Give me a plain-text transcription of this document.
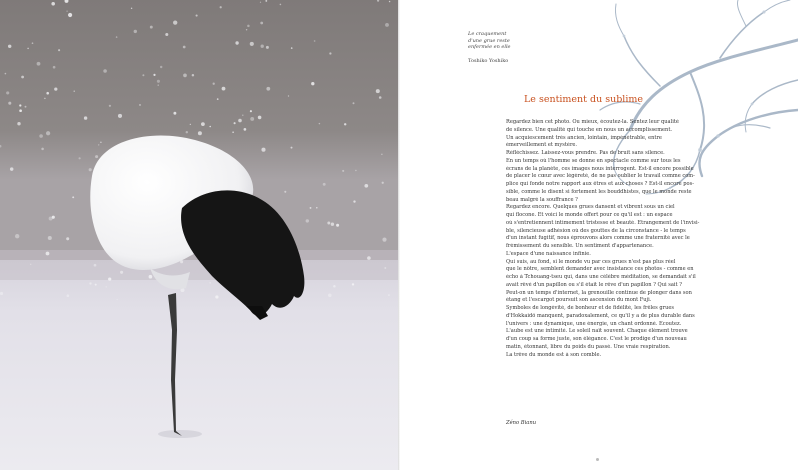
Le craquement
d'une grue reste
enfermée en elle
Toshiko Yoshiko
Le sentiment du sublime
Regardez bien cet photo. Ou mieux, écoutez-la. Sentez leur qualité
de silence. Une qualité qui touche en nous un accomplissement.
Un acquiescement très ancien, lointain, impénétrable, entre
émerveillement et mystère.
Réfléchissez. Laissez-vous prendre. Pas de bruit sans silence.
En un temps où l'homme se donne en spectacle comme sur tous les
écrans de la planète, ces images nous interrogent. Est-il encore possible
de placer le cœur avec légèreté, de ne pas oublier le travail comme com-
plice qui fonde notre rapport aux êtres et aux choses ? Est-il encore pos-
sible, comme le disent si fortement les bouddhistes, que le monde reste
beau malgré la souffrance ?
Regardez encore. Quelques grues dansent et vibrent sous un ciel
qui flocone. Et voici le monde offert pour ce qu'il est : un espace
où s'entretiennent intimement tristesse et beauté. Étrangement de l'invisi-
ble, silencieuse adhésion où des gouttes de la circonstance - le temps
d'un instant fugitif, nous éprouvons alors comme une fraternité avec le
frémissement du sensible. Un sentiment d'appartenance.
L'espace d'une naissance infinie.
Qui suis, au fond, si le monde vu par ces grues n'est pas plus réel
que le nôtre, semblent demander avec insistance ces photos - comme en
écho à Tchouang-tseu qui, dans une célèbre méditation, se demandait s'il
avait rêvé d'un papillon ou s'il était le rêve d'un papillon ? Qui sait ?
Peut-on un temps d'internet, la grenouille continue de plonger dans son
étang et l'escargot poursuit son ascension du mont Fuji.
Symboles de longévité, de bonheur et de fidélité, les frêles grues
d'Hokkaidô manquent, paradoxalement, ce qu'il y a de plus durable dans
l'univers : une dynamique, une énergie, un chant ordonné. Écoutez.
L'aube est une intimité. Le soleil naît souvent. Chaque élément trouve
d'un coup sa forme juste, son élégance. C'est le prodige d'un nouveau
matin, étonnant, libre du poids du passé. Une vraie respiration.
La trêve du monde est à son comble.
Zéno Bianu
